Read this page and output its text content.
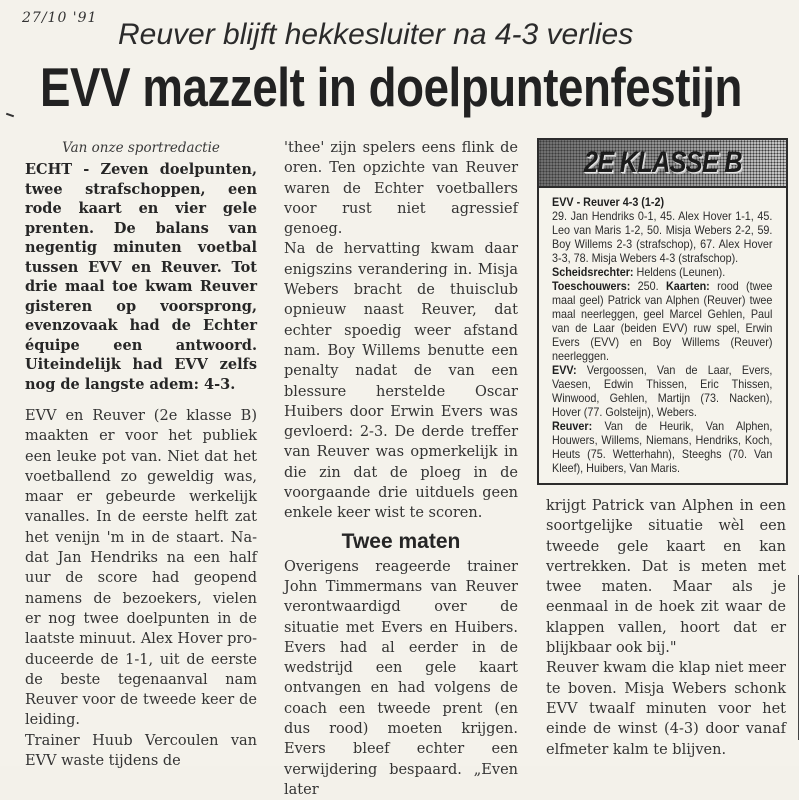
27/10 '91 Reuver blijft hekkesluiter na 4-3 verlies
EVV mazzelt in doelpuntenfestijn

Van onze sportredactie

ECHT - Zeven doelpunten, twee strafschoppen, een rode kaart en vier gele prenten. De balans van negentig minuten voetbal tussen EVV en Reuver. Tot drie maal toe kwam Reuver gisteren op voorsprong, evenzovaak had de Echter équipe een antwoord. Uiteindelijk had EVV zelfs nog de langste adem: 4-3.

EVV en Reuver (2e klasse B) maakten er voor het publiek een leuke pot van. Niet dat het voetballend zo geweldig was, maar er gebeurde werkelijk vanalles. In de eerste helft zat het venijn 'm in de staart. Nadat Jan Hendriks na een half uur de score had geopend namens de bezoekers, vielen er nog twee doelpunten in de laatste minuut. Alex Hover produceerde de 1-1, uit de eerste de beste tegenaanval nam Reuver voor de tweede keer de leiding.

Trainer Huub Vercoulen van EVV waste tijdens de

'thee' zijn spelers eens flink de oren. Ten opzichte van Reuver waren de Echter voetballers voor rust niet agressief genoeg.

Na de hervatting kwam daar enigszins verandering in. Misja Webers bracht de thuisclub opnieuw naast Reuver, dat echter spoedig weer afstand nam. Boy Willems benutte een penalty nadat de van een blessure herstelde Oscar Huibers door Erwin Evers was gevloerd: 2-3. De derde treffer van Reuver was opmerkelijk in die zin dat de ploeg in de voorgaande drie uitduels geen enkele keer wist te scoren.

Twee maten

Overigens reageerde trainer John Timmermans van Reuver verontwaardigd over de situatie met Evers en Huibers. Evers had al eerder in de wedstrijd een gele kaart ontvangen en had volgens de coach een tweede prent (en dus rood) moeten krijgen. Evers bleef echter een verwijdering bespaard. „Even later

2E KLASSE B

EVV - Reuver 4-3 (1-2)

29. Jan Hendriks 0-1, 45. Alex Hover 1-1, 45. Leo van Maris 1-2, 50. Misja Webers 2-2, 59. Boy Willems 2-3 (strafschop), 67. Alex Hover 3-3, 78. Misja Webers 4-3 (strafschop).

Scheidsrechter: Heldens (Leunen).

Toeschouwers: 250. Kaarten: rood (twee maal geel) Patrick van Alphen (Reuver) twee maal neerleggen, geel Marcel Gehlen, Paul van de Laar (beiden EVV) ruw spel, Erwin Evers (EVV) en Boy Willems (Reuver) neerleggen.

EVV: Vergoossen, Van de Laar, Evers, Vaesen, Edwin Thissen, Eric Thissen, Winwood, Gehlen, Martijn (73. Nacken), Hover (77. Golsteijn), Webers.

Reuver: Van de Heurik, Van Alphen, Houwers, Willems, Niemans, Hendriks, Koch, Heuts (75. Wetterhahn), Steeghs (70. Van Kleef), Huibers, Van Maris.

krijgt Patrick van Alphen in een soortgelijke situatie wèl een tweede gele kaart en kan vertrekken. Dat is meten met twee maten. Maar als je eenmaal in de hoek zit waar de klappen vallen, hoort dat er blijkbaar ook bij."

Reuver kwam die klap niet meer te boven. Misja Webers schonk EVV twaalf minuten voor het einde de winst (4-3) door vanaf elfmeter kalm te blijven.
